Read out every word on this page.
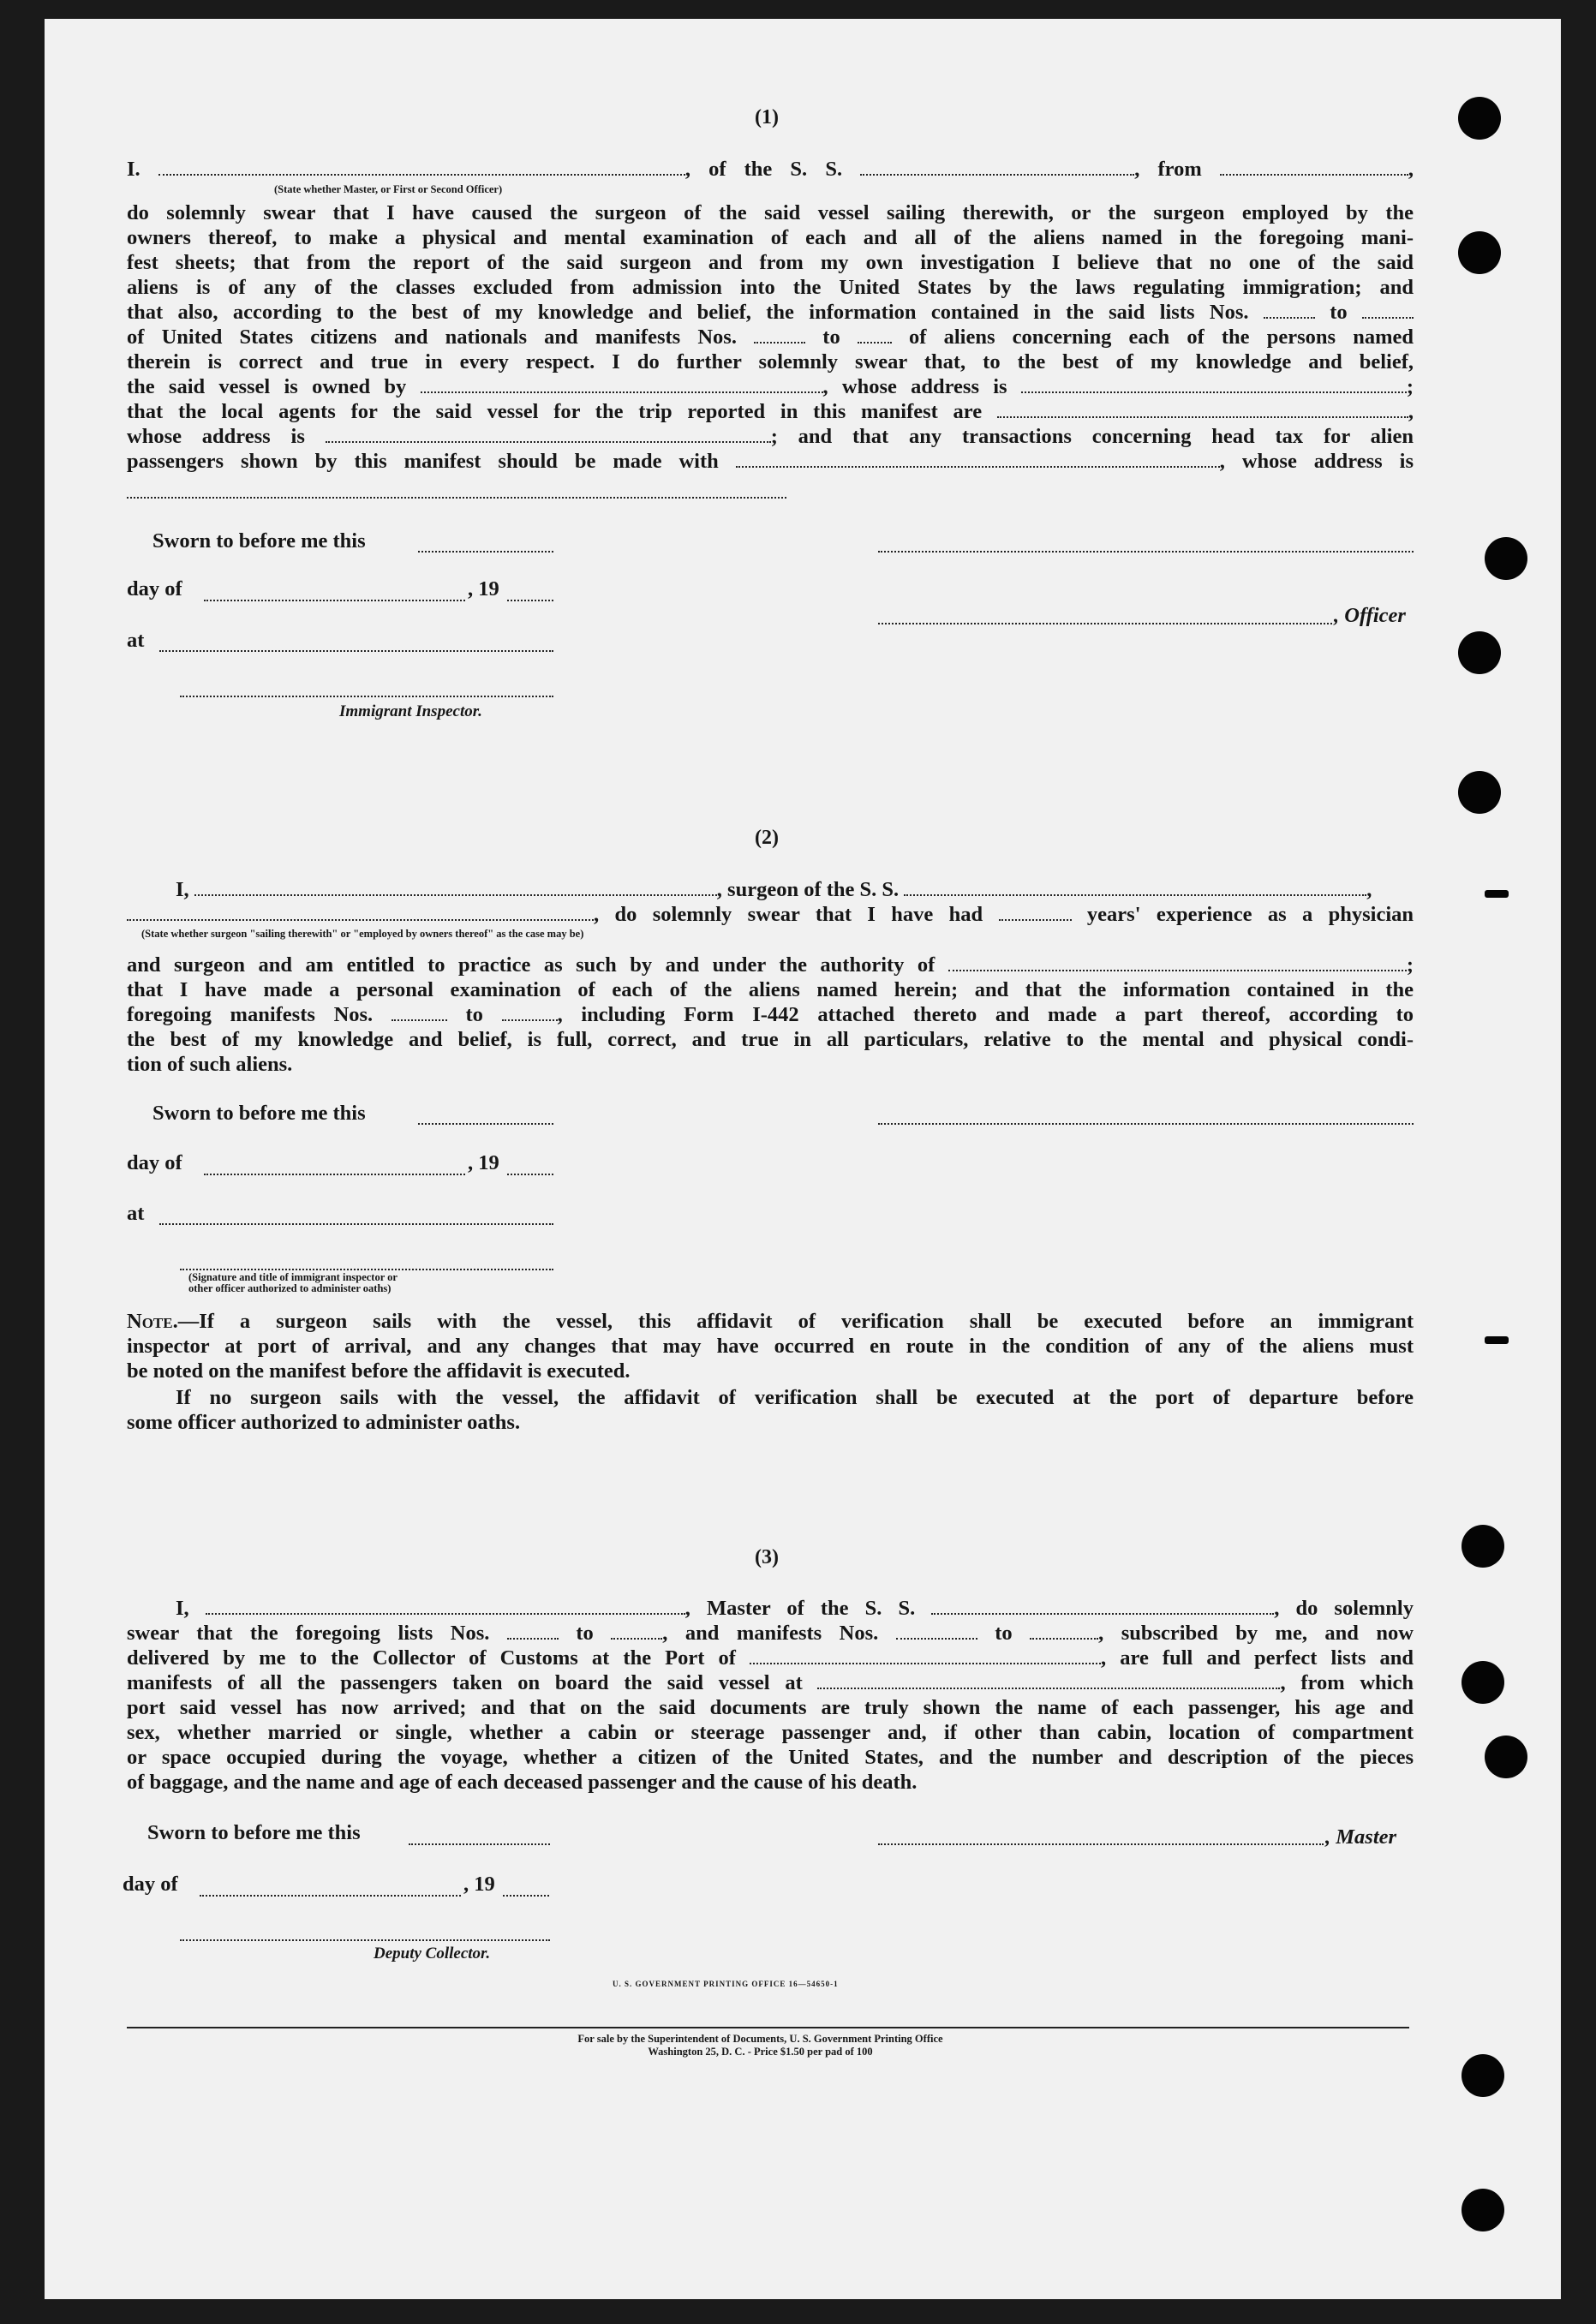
(1)
I.	, of the S. S.	, from	,
(State whether Master, or First or Second Officer)
do solemnly swear that I have caused the surgeon of the said vessel sailing therewith, or the surgeon employed by the
owners thereof, to make a physical and mental examination of each and all of the aliens named in the foregoing mani-
fest sheets; that from the report of the said surgeon and from my own investigation I believe that no one of the said
aliens is of any of the classes excluded from admission into the United States by the laws regulating immigration; and
that also, according to the best of my knowledge and belief, the information contained in the said lists Nos.  to
of United States citizens and nationals and manifests Nos.  to  of aliens concerning each of the persons named
therein is correct and true in every respect. I do further solemnly swear that, to the best of my knowledge and belief,
the said vessel is owned by	, whose address is	;
that the local agents for the said vessel for the trip reported in this manifest are	,
whose address is	; and that any transactions concerning head tax for alien
passengers shown by this manifest should be made with	, whose address is
Sworn to before me this
day of	, 19
, Officer
at
Immigrant Inspector.
(2)
I,	, surgeon of the S. S.	,
, do solemnly swear that I have had	years' experience as a physician
(State whether surgeon "sailing therewith" or "employed by owners thereof" as the case may be)
and surgeon and am entitled to practice as such by and under the authority of	;
that I have made a personal examination of each of the aliens named herein; and that the information contained in the
foregoing manifests Nos.	to	, including Form I-442 attached thereto and made a part thereof, according to
the best of my knowledge and belief, is full, correct, and true in all particulars, relative to the mental and physical condi-
tion of such aliens.
Sworn to before me this
day of	, 19
at
(Signature and title of immigrant inspector or
other officer authorized to administer oaths)
Note.—If a surgeon sails with the vessel, this affidavit of verification shall be executed before an immigrant
inspector at port of arrival, and any changes that may have occurred en route in the condition of any of the aliens must
be noted on the manifest before the affidavit is executed.
If no surgeon sails with the vessel, the affidavit of verification shall be executed at the port of departure before
some officer authorized to administer oaths.
(3)
I,	, Master of the S. S.	, do solemnly
swear that the foregoing lists Nos.  to , and manifests Nos.	to	, subscribed by me, and now
delivered by me to the Collector of Customs at the Port of	, are full and perfect lists and
manifests of all the passengers taken on board the said vessel at	, from which
port said vessel has now arrived; and that on the said documents are truly shown the name of each passenger, his age and
sex, whether married or single, whether a cabin or steerage passenger and, if other than cabin, location of compartment
or space occupied during the voyage, whether a citizen of the United States, and the number and description of the pieces
of baggage, and the name and age of each deceased passenger and the cause of his death.
Sworn to before me this	, Master
day of	, 19
Deputy Collector.
U. S. GOVERNMENT PRINTING OFFICE 16—54650-1
For sale by the Superintendent of Documents, U. S. Government Printing Office
Washington 25, D. C. - Price $1.50 per pad of 100
